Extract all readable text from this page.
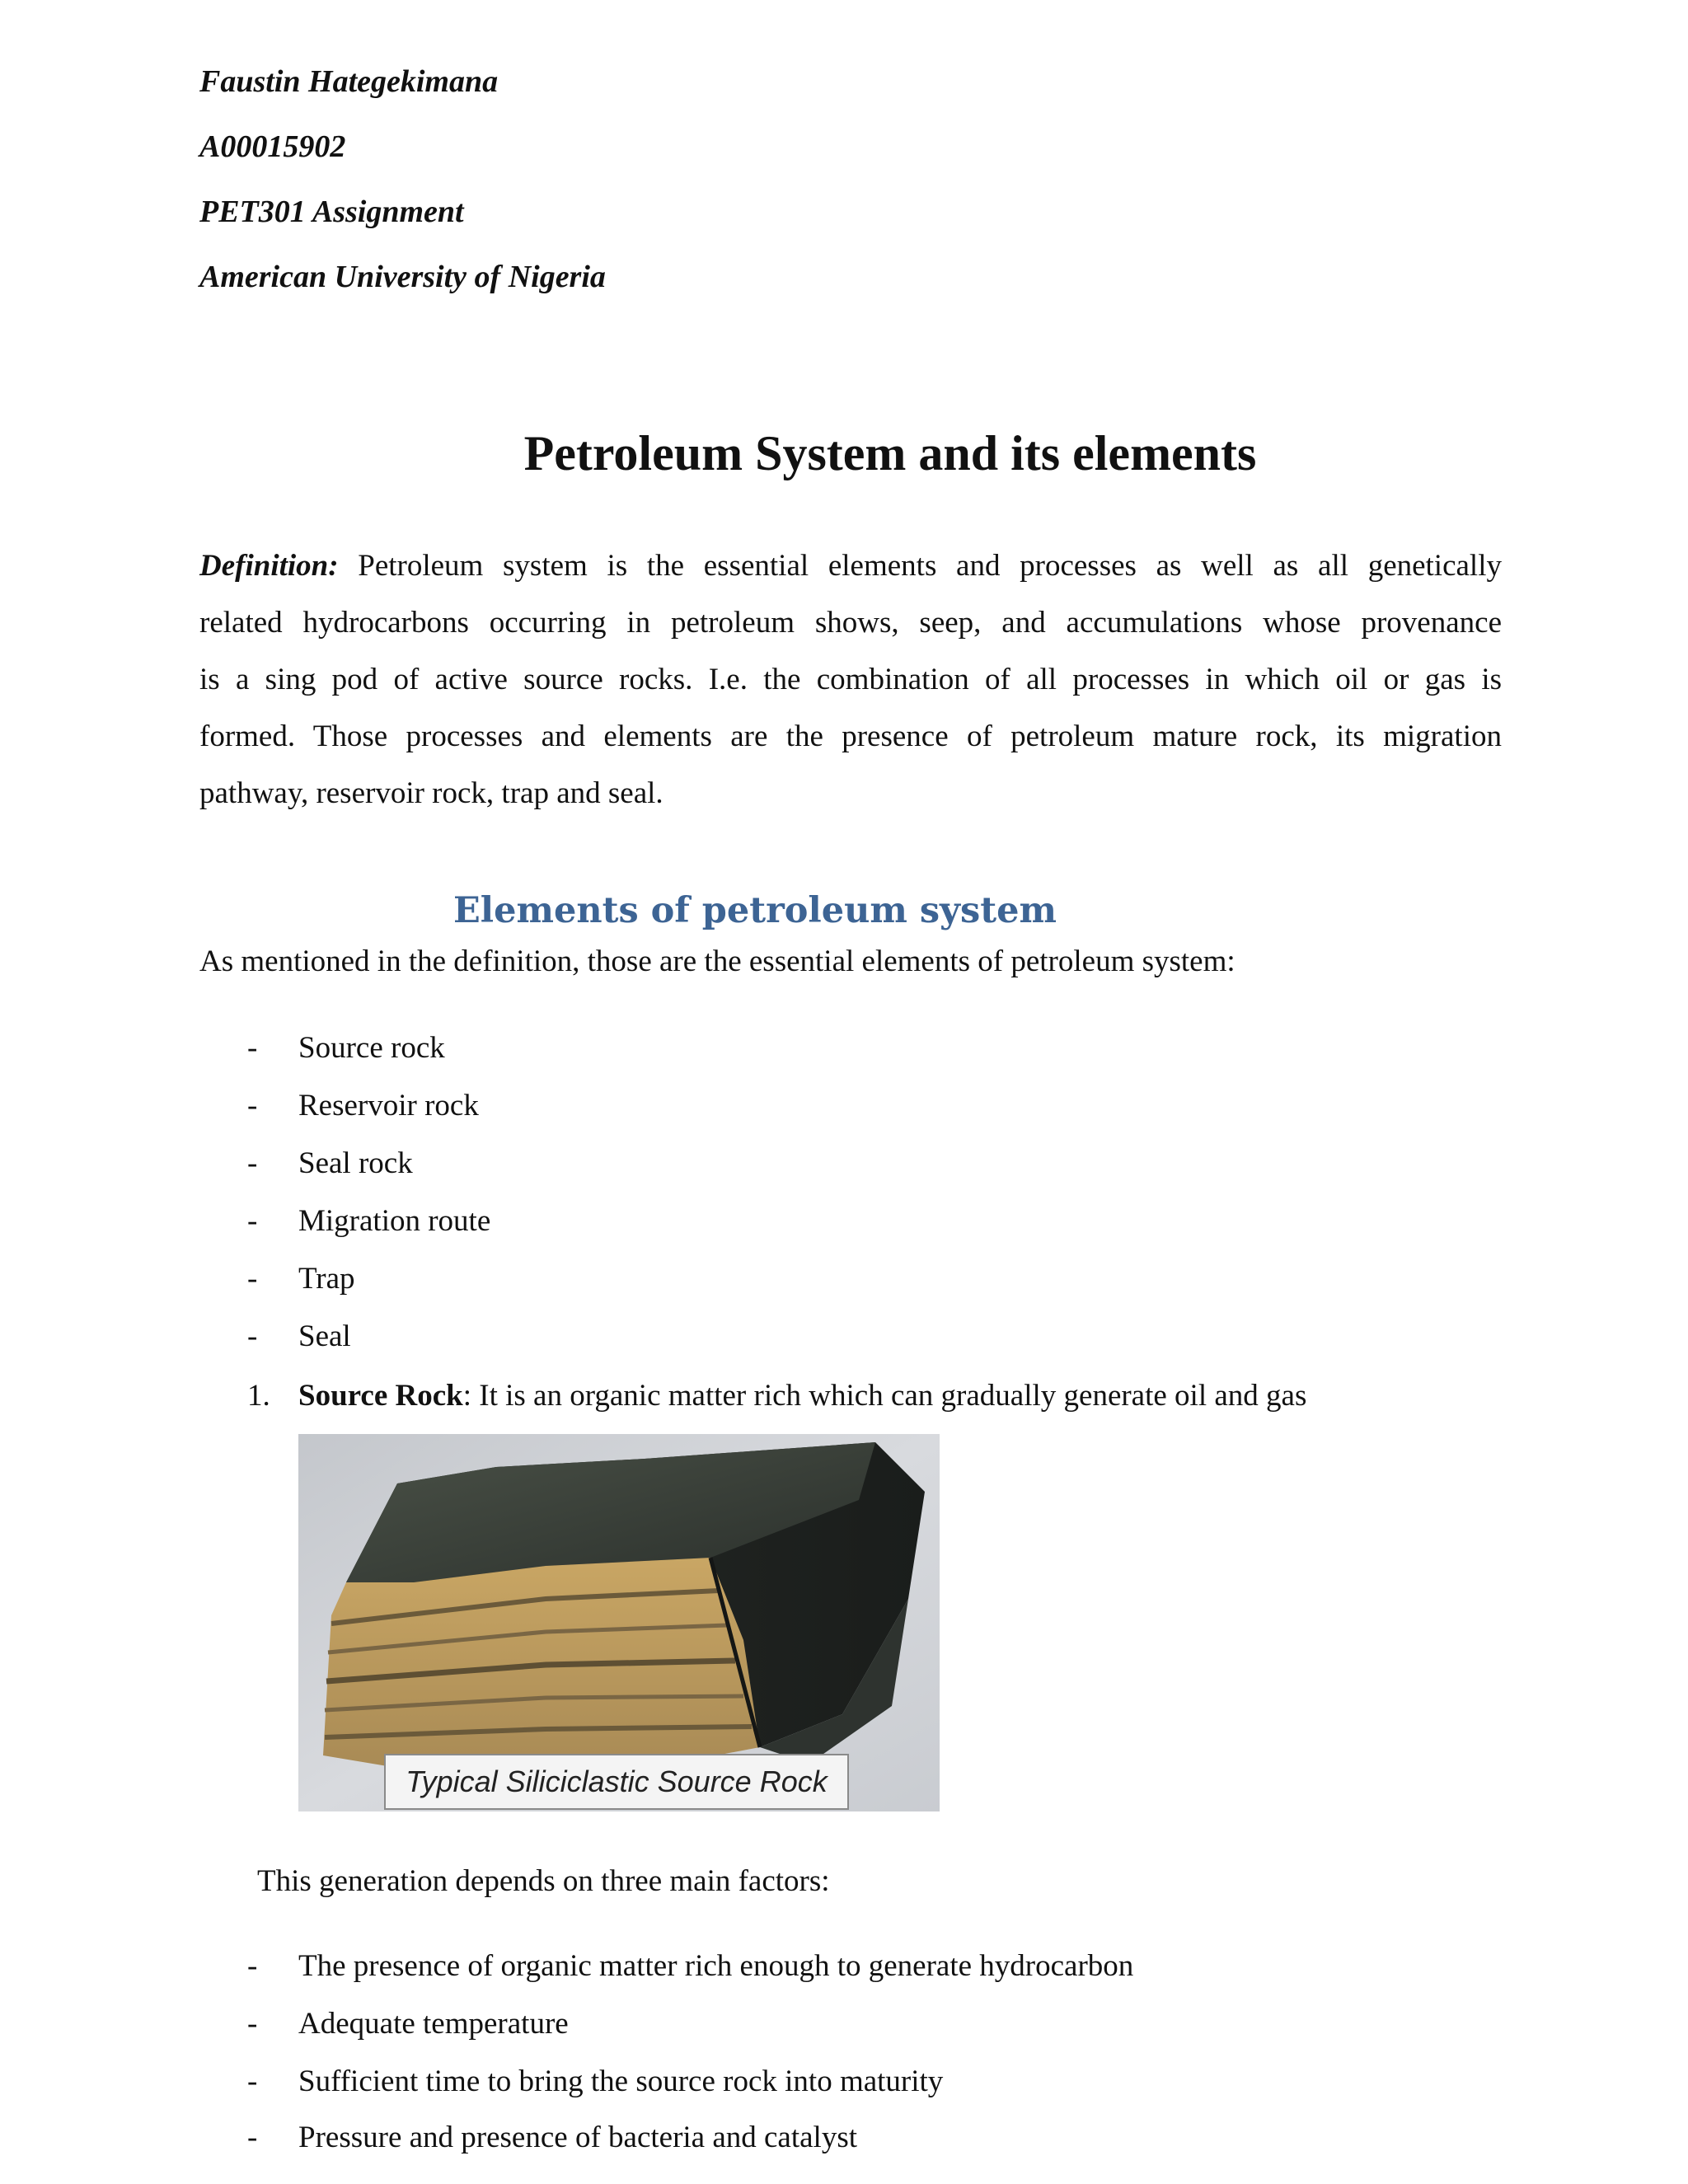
Faustin Hategekimana
A00015902
PET301 Assignment
American University of Nigeria
Petroleum System and its elements
Definition: Petroleum system is the essential elements and processes as well as all genetically
related hydrocarbons occurring in petroleum shows, seep, and accumulations whose provenance
is a sing pod of active source rocks. I.e. the combination of all processes in which oil or gas is
formed. Those processes and elements are the presence of petroleum mature rock, its migration
pathway, reservoir rock, trap and seal.
Elements of petroleum system
As mentioned in the definition, those are the essential elements of petroleum system:
-	Source rock
-	Reservoir rock
-	Seal rock
-	Migration route
-	Trap
-	Seal
1. Source Rock: It is an organic matter rich which can gradually generate oil and gas
Typical Siliciclastic Source Rock
This generation depends on three main factors:
-	The presence of organic matter rich enough to generate hydrocarbon
-	Adequate temperature
-	Sufficient time to bring the source rock into maturity
-	Pressure and presence of bacteria and catalyst
